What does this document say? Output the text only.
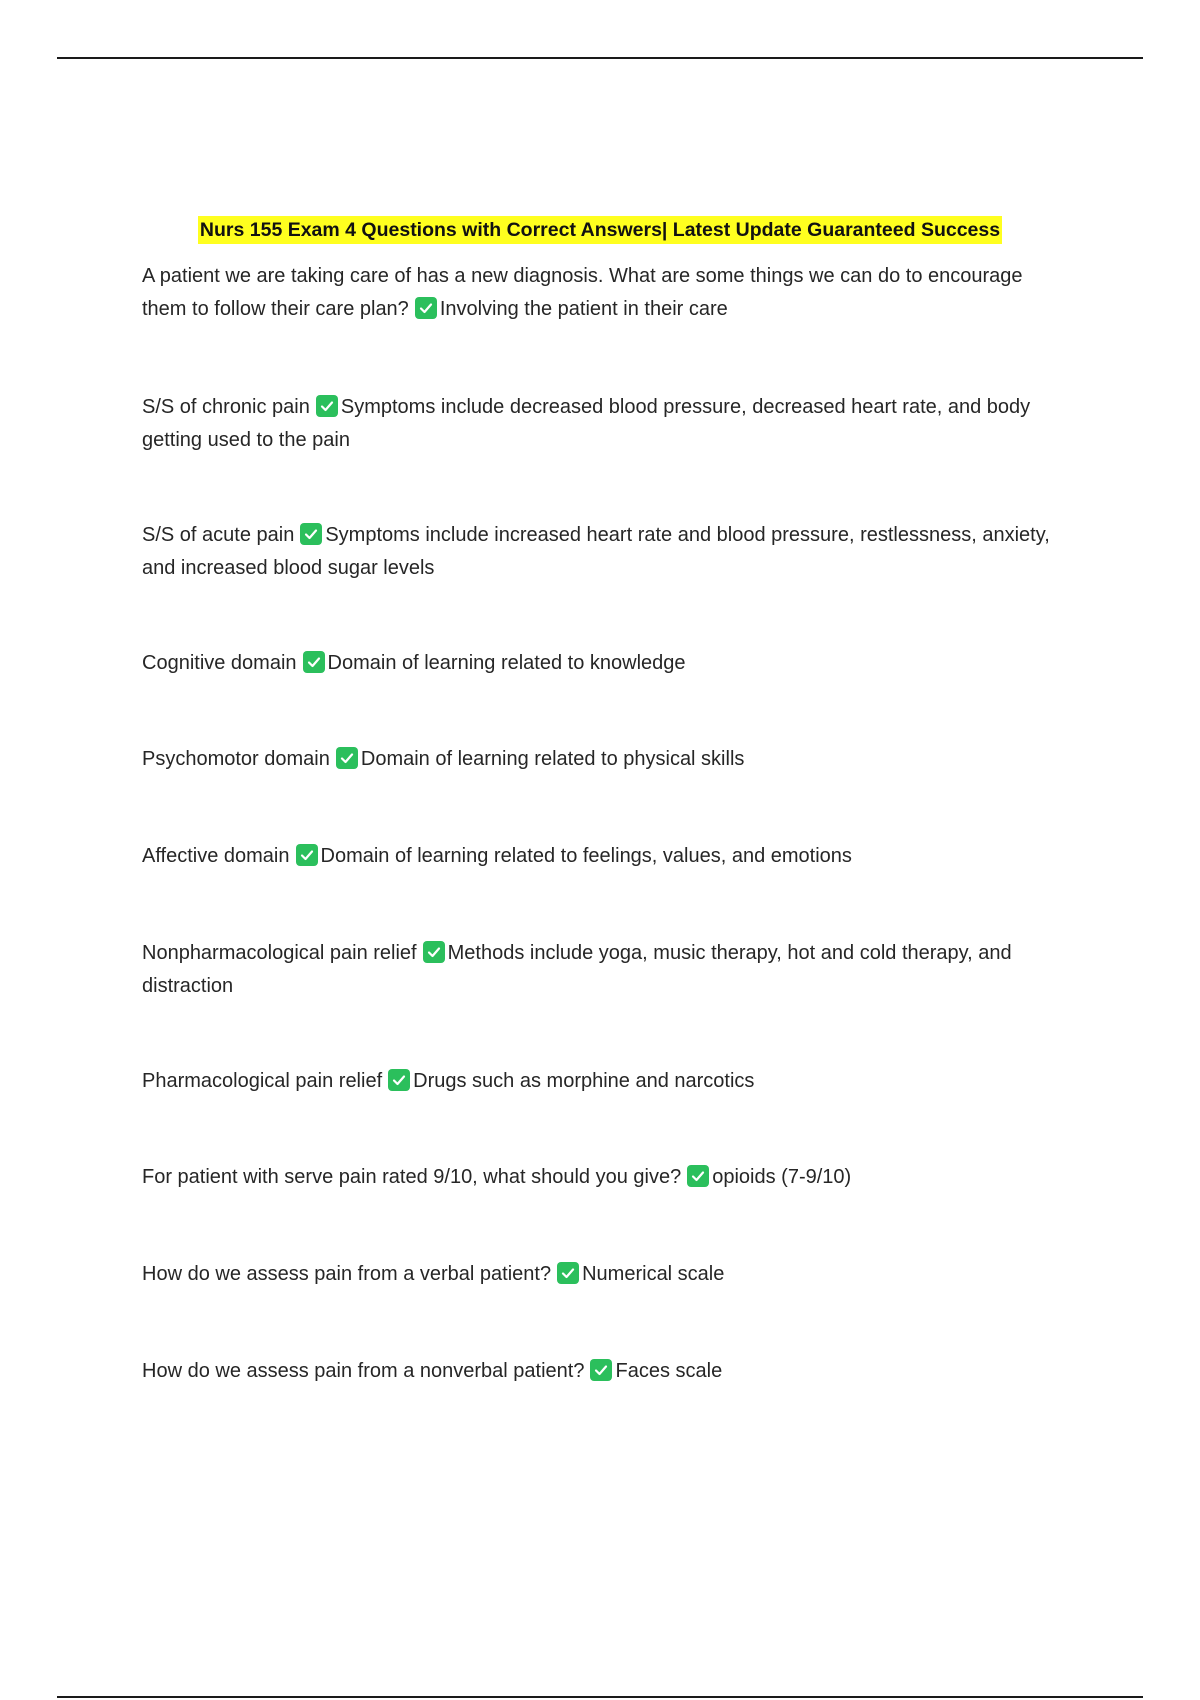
Nurs 155 Exam 4 Questions with Correct Answers| Latest Update Guaranteed Success

A patient we are taking care of has a new diagnosis. What are some things we can do to encourage them to follow their care plan? Involving the patient in their care

S/S of chronic pain Symptoms include decreased blood pressure, decreased heart rate, and body getting used to the pain

S/S of acute pain Symptoms include increased heart rate and blood pressure, restlessness, anxiety, and increased blood sugar levels

Cognitive domain Domain of learning related to knowledge

Psychomotor domain Domain of learning related to physical skills

Affective domain Domain of learning related to feelings, values, and emotions

Nonpharmacological pain relief Methods include yoga, music therapy, hot and cold therapy, and distraction

Pharmacological pain relief Drugs such as morphine and narcotics

For patient with serve pain rated 9/10, what should you give? opioids (7-9/10)

How do we assess pain from a verbal patient? Numerical scale

How do we assess pain from a nonverbal patient? Faces scale
